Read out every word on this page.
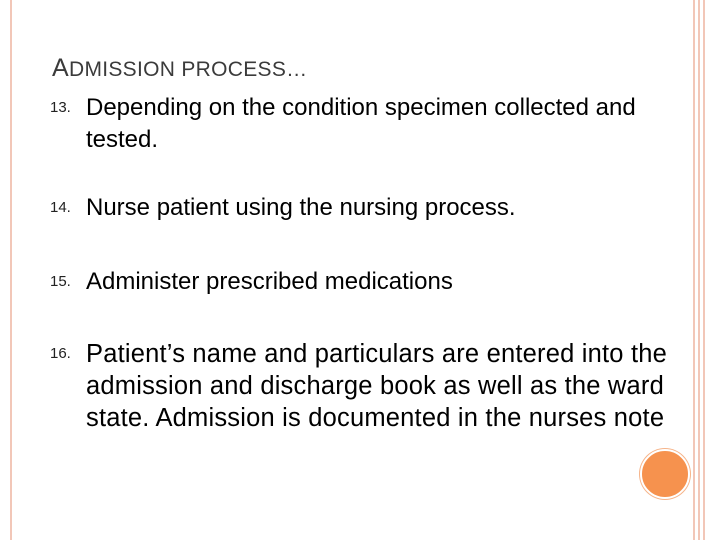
ADMISSION PROCESS…
13. Depending on the condition specimen collected and tested.
14. Nurse patient using the nursing process.
15. Administer prescribed medications
16. Patient’s name and particulars are entered into the admission and discharge book as well as the ward state. Admission is documented in the nurses note
